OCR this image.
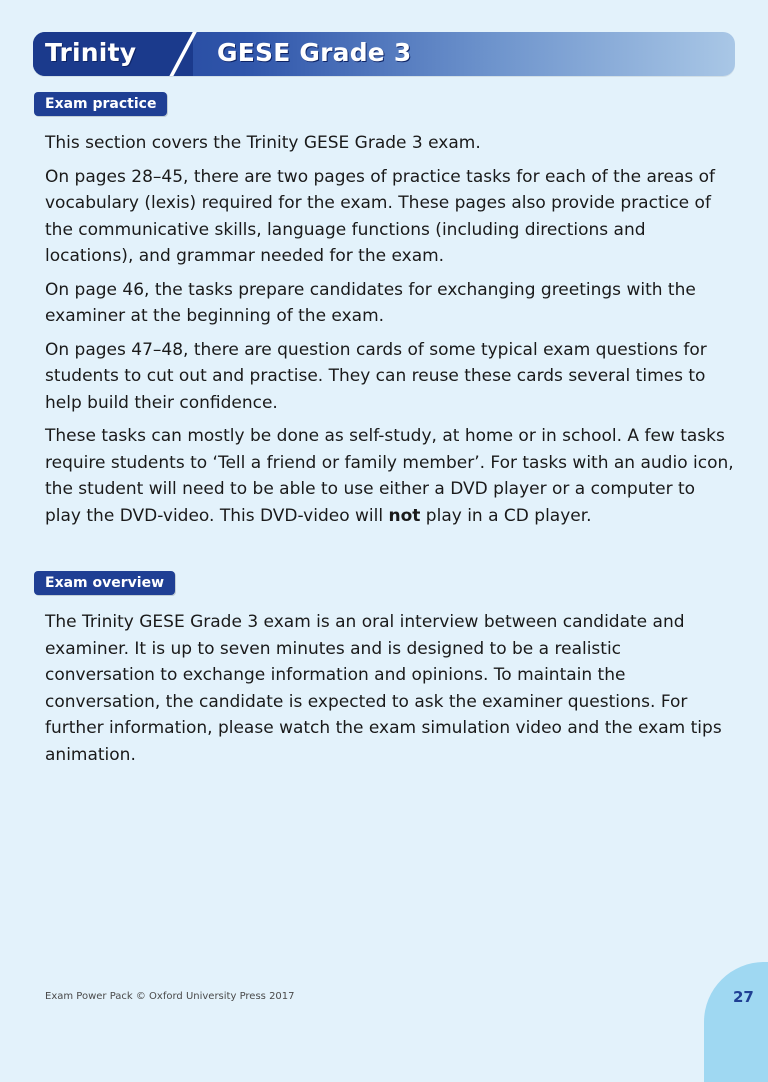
Trinity	GESE Grade 3
Exam practice

This section covers the Trinity GESE Grade 3 exam.

On pages 28–45, there are two pages of practice tasks for each of the areas of vocabulary (lexis) required for the exam. These pages also provide practice of the communicative skills, language functions (including directions and locations), and grammar needed for the exam.

On page 46, the tasks prepare candidates for exchanging greetings with the examiner at the beginning of the exam.

On pages 47–48, there are question cards of some typical exam questions for students to cut out and practise. They can reuse these cards several times to help build their confidence.

These tasks can mostly be done as self-study, at home or in school. A few tasks require students to ‘Tell a friend or family member’. For tasks with an audio icon, the student will need to be able to use either a DVD player or a computer to play the DVD-video. This DVD-video will not play in a CD player.

Exam overview

The Trinity GESE Grade 3 exam is an oral interview between candidate and examiner. It is up to seven minutes and is designed to be a realistic conversation to exchange information and opinions. To maintain the conversation, the candidate is expected to ask the examiner questions. For further information, please watch the exam simulation video and the exam tips animation.

Exam Power Pack © Oxford University Press 2017	27
